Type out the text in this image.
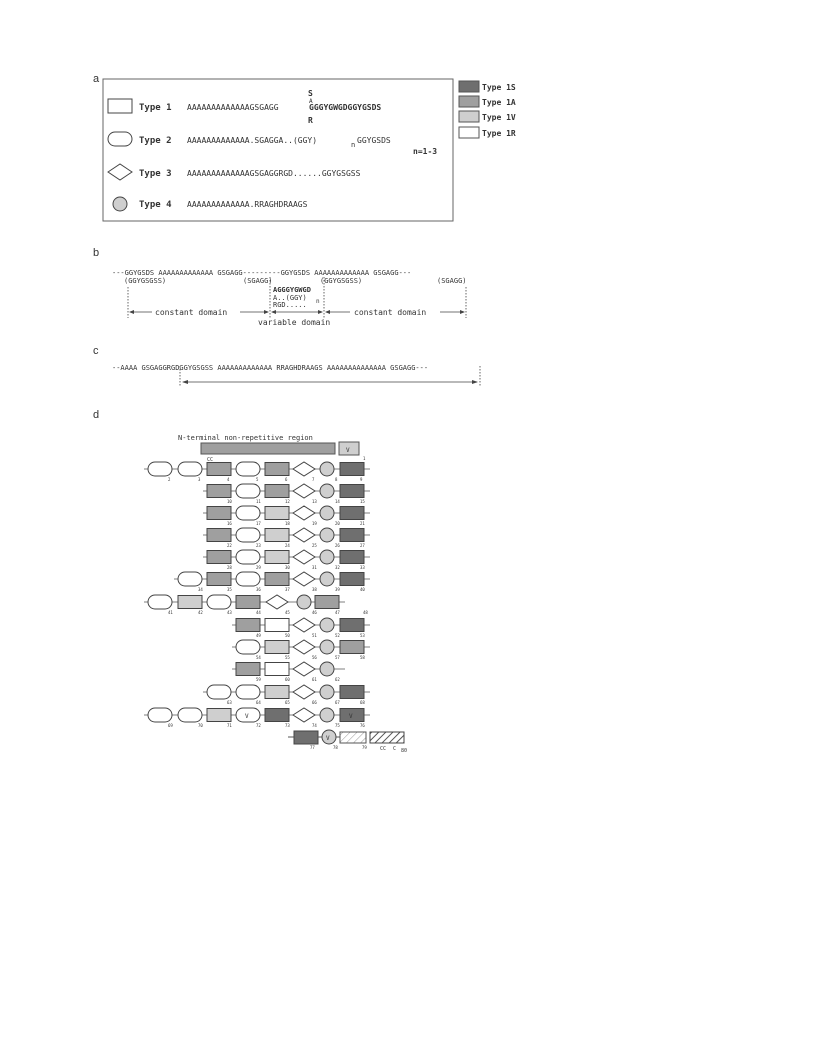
a
Type 1 AAAAAAAAAAAAAGSGAGG	GGGYGWGDGGYGSDS
S
A
R
Type 2 AAAAAAAAAAAAA.SGAGGA..(GGY)	n GGYGSDS
n=1-3
Type 3 AAAAAAAAAAAAAGSGAGGRGD......GGYGSGSS
Type 4 AAAAAAAAAAAAA.RRAGHDRAAGS
Type 1S
Type 1A
Type 1V
Type 1R
b
---GGYGSDS AAAAAAAAAAAAA GSGAGG---------GGYGSDS AAAAAAAAAAAAA GSGAGG---
(GGYGSGSS)	(SGAGG)	(GGYGSGSS)	(SGAGG)
AGGGYGWGD
A..(GGY) n
RGD.....
constant domain	constant domain
variable domain
c
--AAAA GSGAGGRGDGGYGSGSS AAAAAAAAAAAAA RRAGHDRAAGS AAAAAAAAAAAAAA GSGAGG---
d
N-terminal non-repetitive region
CC
V
1
2	3	4	5	6	7	8	9
10	11	12	13	15
16	17	18	19	20	21
22	23	24	25	26	27
28	29	30	31	32	33
34	35	36	37	38	39	40
41	42	43	44	45	46	47
49	50	51	52	53
54	55	56	57	58
59	60	61	62
63	64	65	66	67	68
69	70	71
V
72	73	74	75
V
76
14
48
77
V
78	79	CC C 80
